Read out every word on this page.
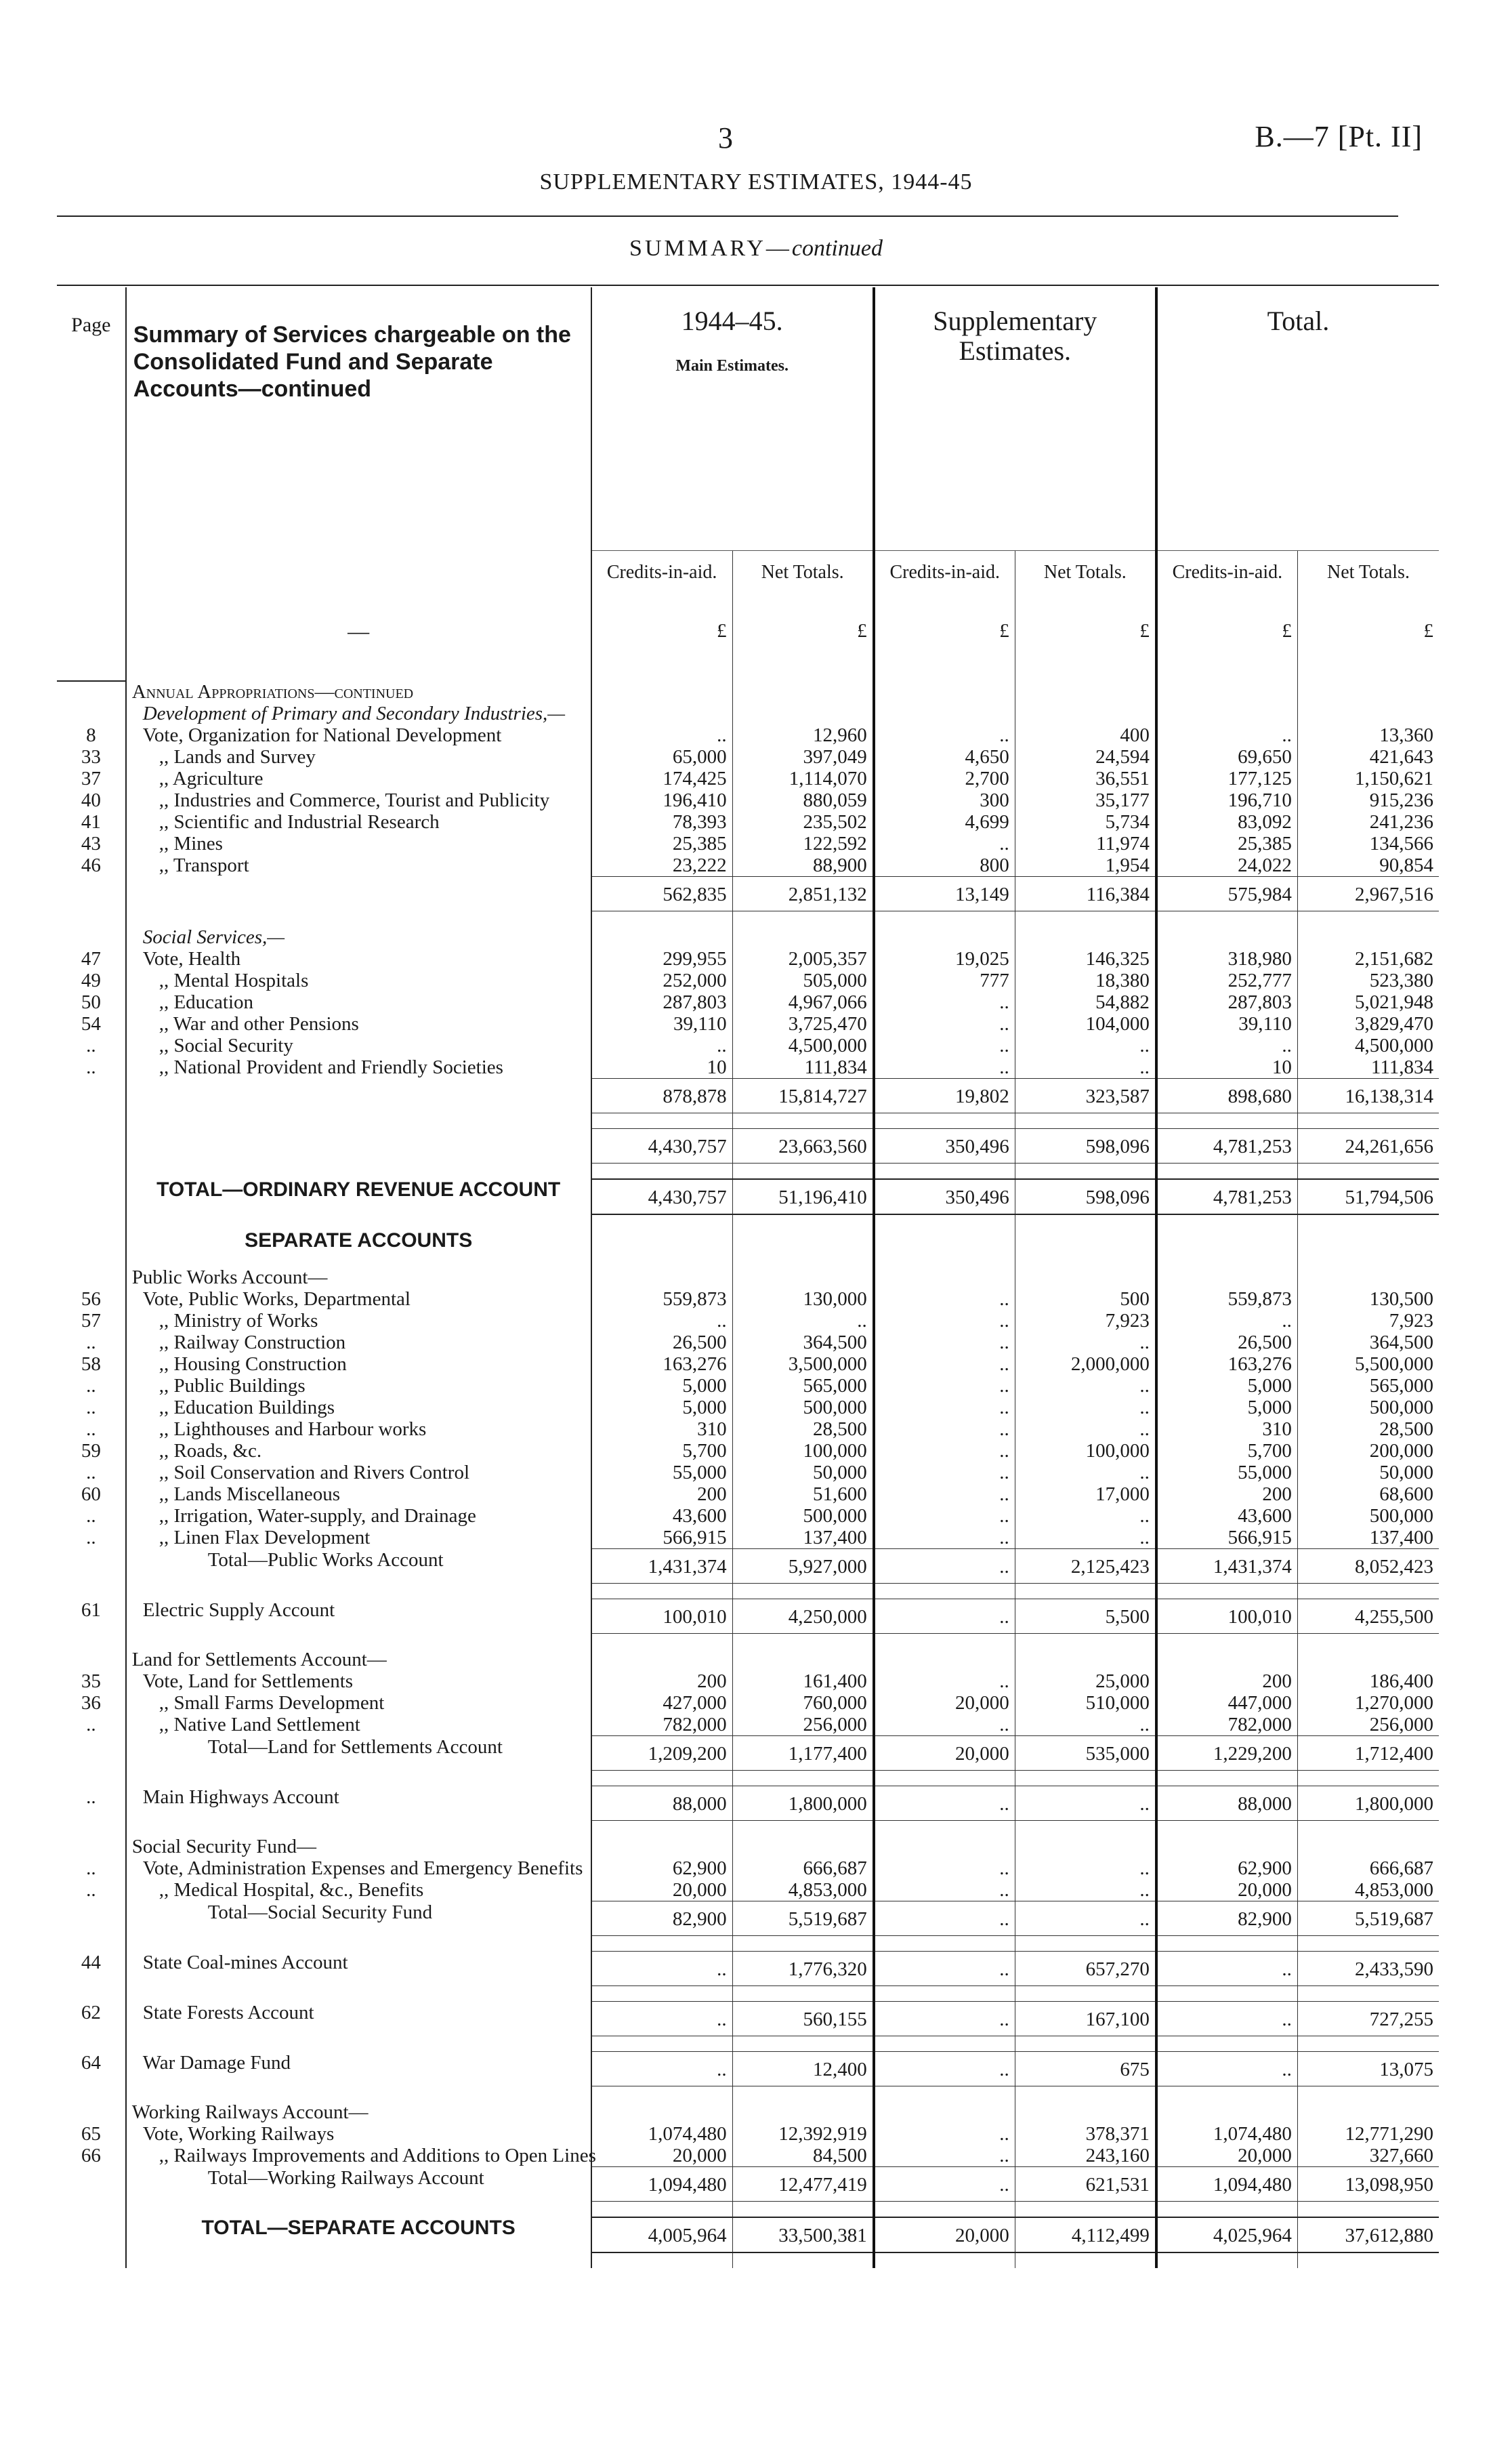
3	B.—7 [Pt. II]
SUPPLEMENTARY ESTIMATES, 1944-45
SUMMARY—continued
Page	Summary of Services chargeable on the Consolidated Fund and Separate Accounts—continued	1944–45.
Main Estimates.		Supplementary Estimates.		Total.	
		Credits-in-aid.	Net Totals.	Credits-in-aid.	Net Totals.	Credits-in-aid.	Net Totals.
	—	£	£	£	£	£	£
	Annual Appropriations—continued						
	Development of Primary and Secondary Industries,—						
8	Vote, Organization for National Development	..	12,960	..	400	..	13,360
33	,, Lands and Survey	65,000	397,049	4,650	24,594	69,650	421,643
37	,, Agriculture	174,425	1,114,070	2,700	36,551	177,125	1,150,621
40	,, Industries and Commerce, Tourist and Publicity	196,410	880,059	300	35,177	196,710	915,236
41	,, Scientific and Industrial Research	78,393	235,502	4,699	5,734	83,092	241,236
43	,, Mines	25,385	122,592	..	11,974	25,385	134,566
46	,, Transport	23,222	88,900	800	1,954	24,022	90,854
		562,835	2,851,132	13,149	116,384	575,984	2,967,516

	Social Services,—						
47	Vote, Health	299,955	2,005,357	19,025	146,325	318,980	2,151,682
49	,, Mental Hospitals	252,000	505,000	777	18,380	252,777	523,380
50	,, Education	287,803	4,967,066	..	54,882	287,803	5,021,948
54	,, War and other Pensions	39,110	3,725,470	..	104,000	39,110	3,829,470
..	,, Social Security	..	4,500,000	..	..	..	4,500,000
..	,, National Provident and Friendly Societies	10	111,834	..	..	10	111,834
		878,878	15,814,727	19,802	323,587	898,680	16,138,314

		4,430,757	23,663,560	350,496	598,096	4,781,253	24,261,656

	TOTAL—ORDINARY REVENUE ACCOUNT	4,430,757	51,196,410	350,496	598,096	4,781,253	51,794,506

	SEPARATE ACCOUNTS						

	Public Works Account—						
56	Vote, Public Works, Departmental	559,873	130,000	..	500	559,873	130,500
57	,, Ministry of Works	..	..	..	7,923	..	7,923
..	,, Railway Construction	26,500	364,500	..	..	26,500	364,500
58	,, Housing Construction	163,276	3,500,000	..	2,000,000	163,276	5,500,000
..	,, Public Buildings	5,000	565,000	..	..	5,000	565,000
..	,, Education Buildings	5,000	500,000	..	..	5,000	500,000
..	,, Lighthouses and Harbour works	310	28,500	..	..	310	28,500
59	,, Roads, &c.	5,700	100,000	..	100,000	5,700	200,000
..	,, Soil Conservation and Rivers Control	55,000	50,000	..	..	55,000	50,000
60	,, Lands Miscellaneous	200	51,600	..	17,000	200	68,600
..	,, Irrigation, Water-supply, and Drainage	43,600	500,000	..	..	43,600	500,000
..	,, Linen Flax Development	566,915	137,400	..	..	566,915	137,400
	Total—Public Works Account	1,431,374	5,927,000	..	2,125,423	1,431,374	8,052,423

61	Electric Supply Account	100,010	4,250,000	..	5,500	100,010	4,255,500

	Land for Settlements Account—						
35	Vote, Land for Settlements	200	161,400	..	25,000	200	186,400
36	,, Small Farms Development	427,000	760,000	20,000	510,000	447,000	1,270,000
..	,, Native Land Settlement	782,000	256,000	..	..	782,000	256,000
	Total—Land for Settlements Account	1,209,200	1,177,400	20,000	535,000	1,229,200	1,712,400

..	Main Highways Account	88,000	1,800,000	..	..	88,000	1,800,000

	Social Security Fund—						
..	Vote, Administration Expenses and Emergency Benefits	62,900	666,687	..	..	62,900	666,687
..	,, Medical Hospital, &c., Benefits	20,000	4,853,000	..	..	20,000	4,853,000
	Total—Social Security Fund	82,900	5,519,687	..	..	82,900	5,519,687

44	State Coal-mines Account	..	1,776,320	..	657,270	..	2,433,590

62	State Forests Account	..	560,155	..	167,100	..	727,255

64	War Damage Fund	..	12,400	..	675	..	13,075

	Working Railways Account—						
65	Vote, Working Railways	1,074,480	12,392,919	..	378,371	1,074,480	12,771,290
66	,, Railways Improvements and Additions to Open Lines	20,000	84,500	..	243,160	20,000	327,660
	Total—Working Railways Account	1,094,480	12,477,419	..	621,531	1,094,480	13,098,950

	TOTAL—SEPARATE ACCOUNTS	4,005,964	33,500,381	20,000	4,112,499	4,025,964	37,612,880
